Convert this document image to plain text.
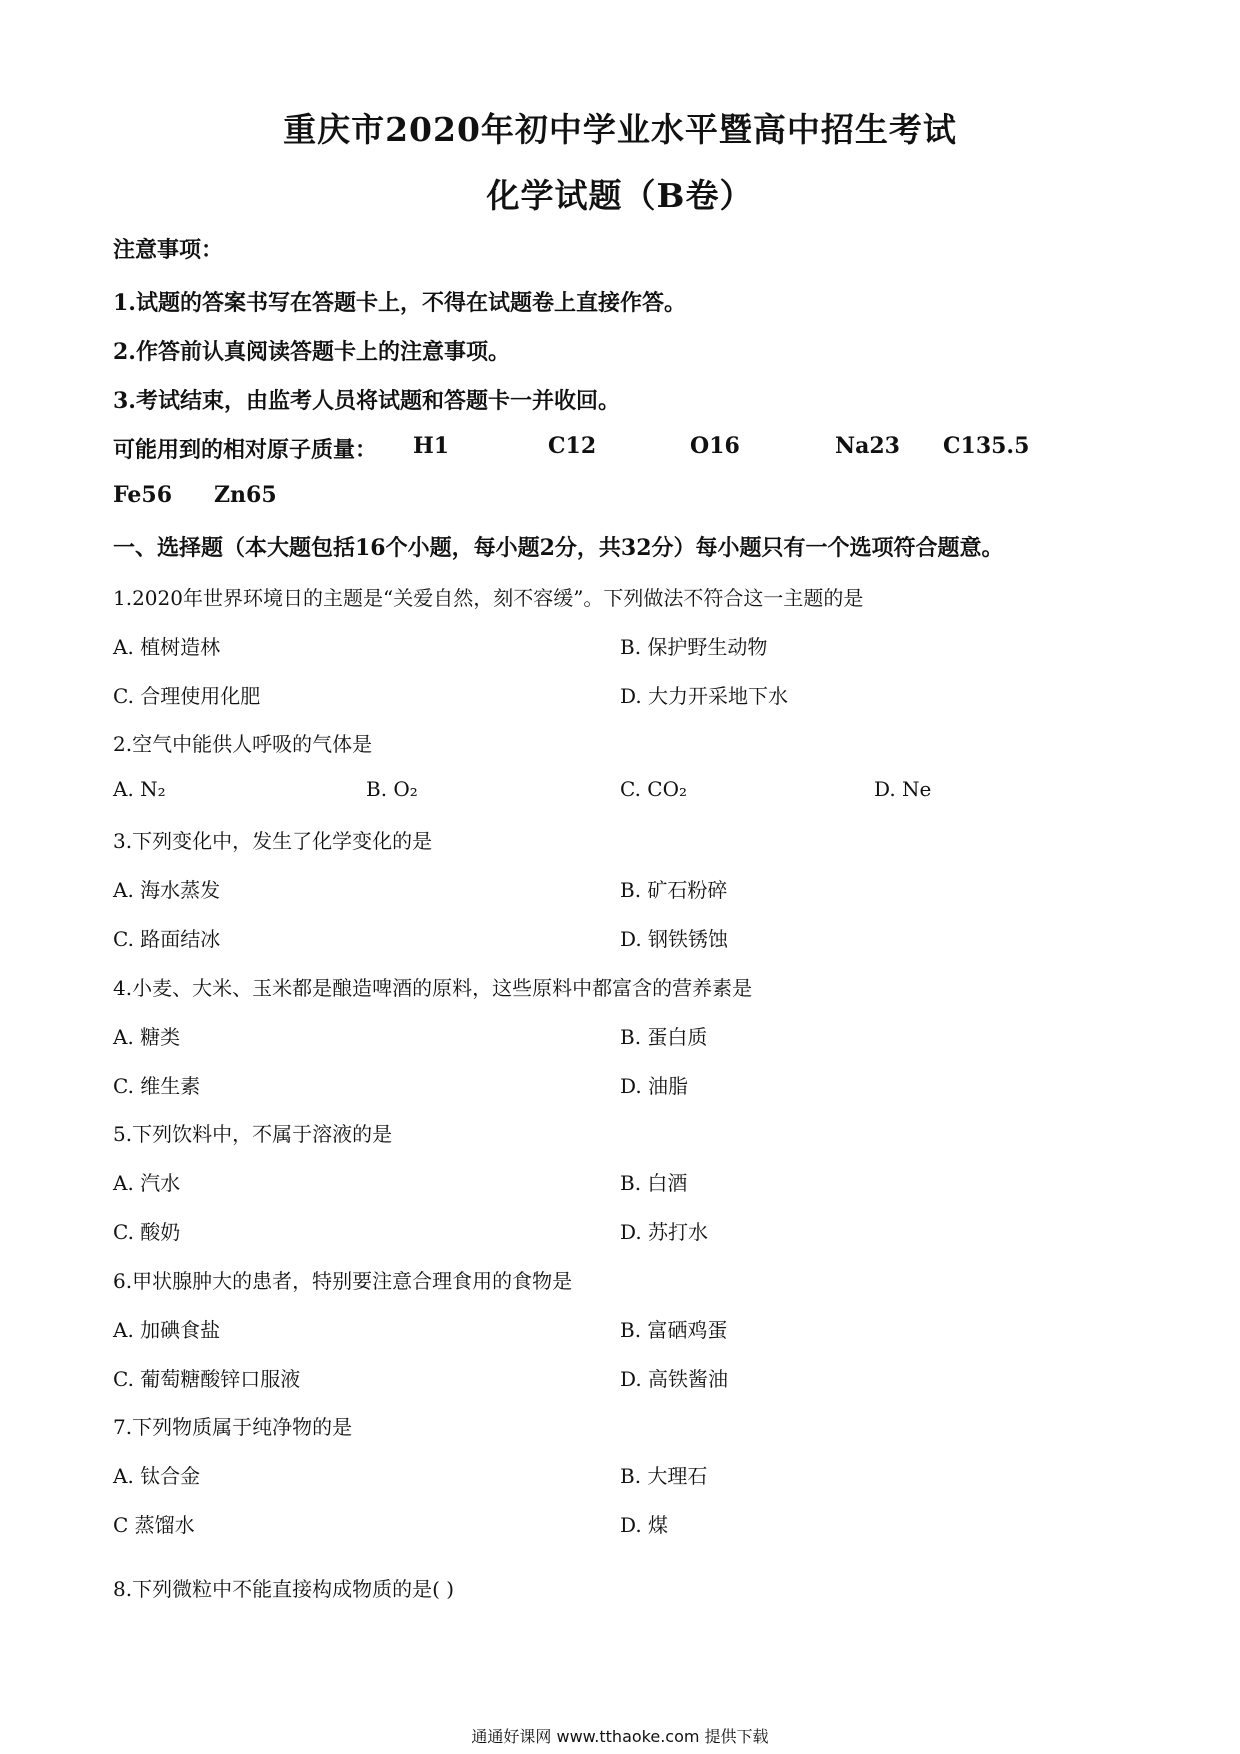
重庆市2020年初中学业水平暨高中招生考试
化学试题（B卷）
注意事项：
1.试题的答案书写在答题卡上，不得在试题卷上直接作答。
2.作答前认真阅读答题卡上的注意事项。
3.考试结束，由监考人员将试题和答题卡一并收回。
可能用到的相对原子质量： H1	C12	O16	Na23 C135.5
Fe56 Zn65
一、选择题（本大题包括16个小题，每小题2分，共32分）每小题只有一个选项符合题意。
1.2020年世界环境日的主题是“关爱自然，刻不容缓”。下列做法不符合这一主题的是
A. 植树造林	B. 保护野生动物
C. 合理使用化肥	D. 大力开采地下水
2.空气中能供人呼吸的气体是
A. N₂	B. O₂	C. CO₂	D. Ne
3.下列变化中，发生了化学变化的是
A. 海水蒸发	B. 矿石粉碎
C. 路面结冰	D. 钢铁锈蚀
4.小麦、大米、玉米都是酿造啤酒的原料，这些原料中都富含的营养素是
A. 糖类	B. 蛋白质
C. 维生素	D. 油脂
5.下列饮料中，不属于溶液的是
A. 汽水	B. 白酒
C. 酸奶	D. 苏打水
6.甲状腺肿大的患者，特别要注意合理食用的食物是
A. 加碘食盐	B. 富硒鸡蛋
C. 葡萄糖酸锌口服液	D. 高铁酱油
7.下列物质属于纯净物的是
A. 钛合金	B. 大理石
C 蒸馏水	D. 煤
8.下列微粒中不能直接构成物质的是( )
通通好课网 www.tthaoke.com 提供下载
